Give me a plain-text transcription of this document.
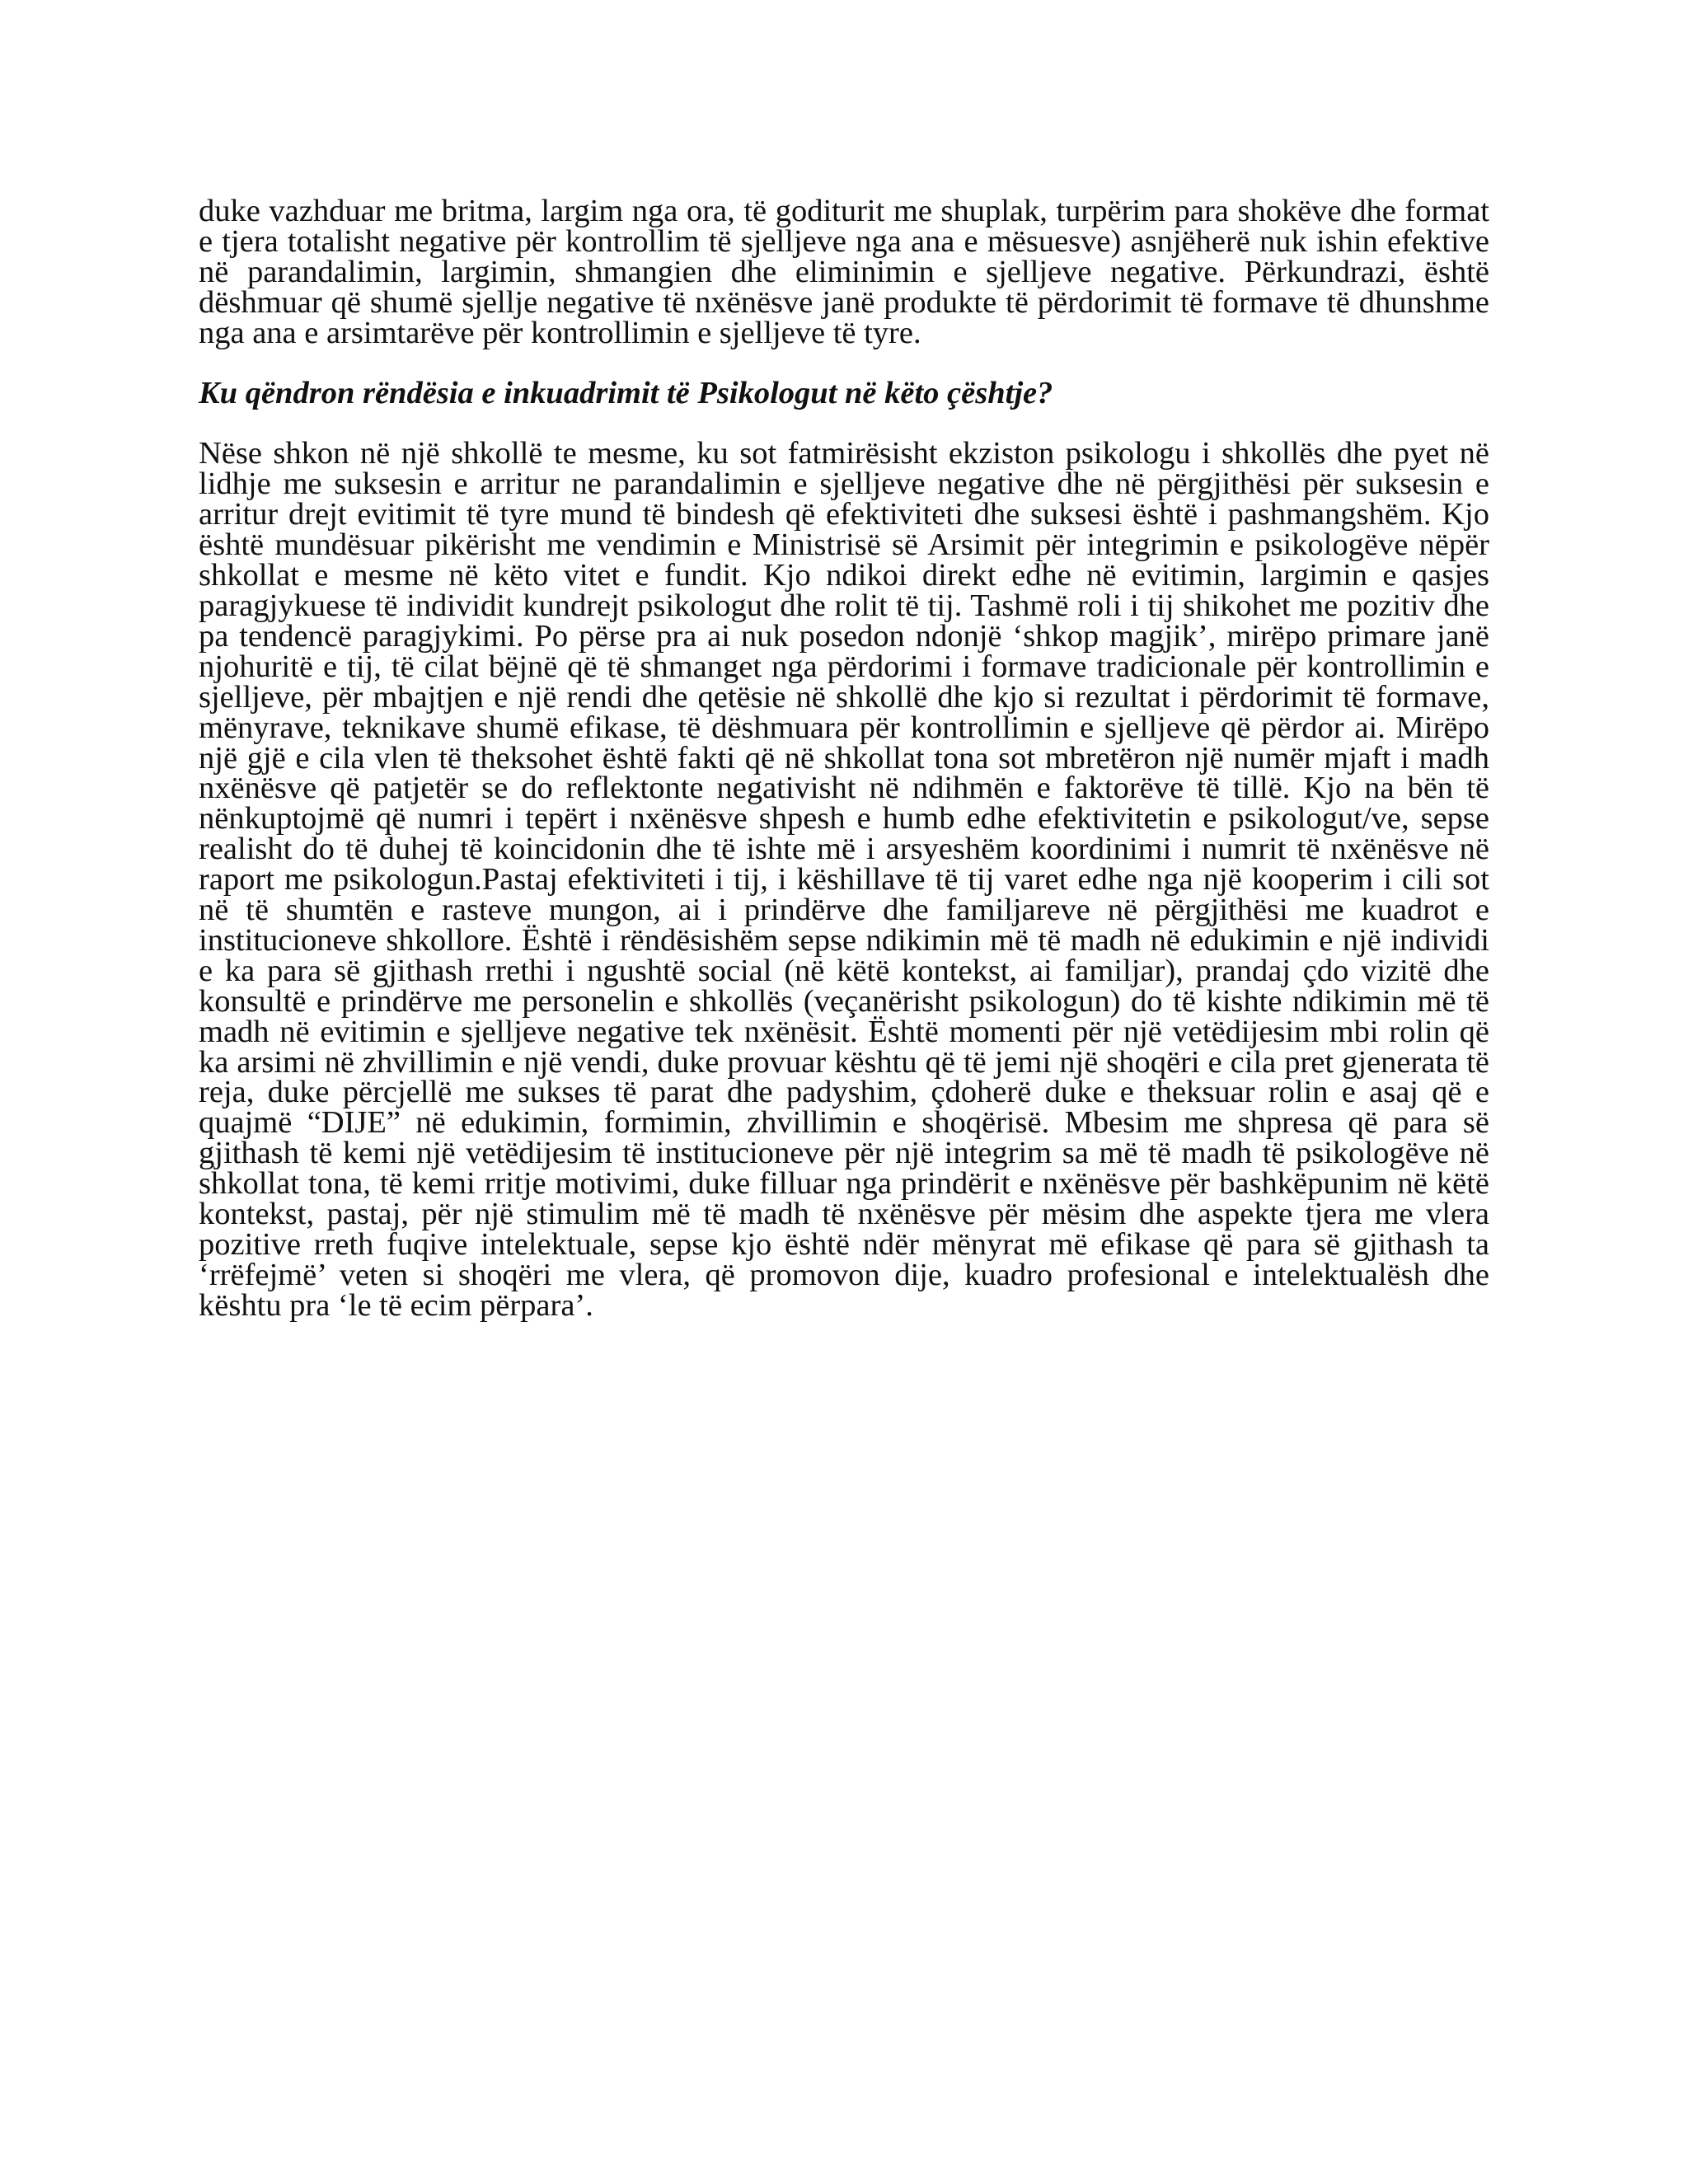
duke vazhduar me britma, largim nga ora, të goditurit me shuplak, turpërim para shokëve dhe format e tjera totalisht negative për kontrollim të sjelljeve nga ana e mësuesve) asnjëherë nuk ishin efektive në parandalimin, largimin, shmangien dhe eliminimin e sjelljeve negative. Përkundrazi, është dëshmuar që shumë sjellje negative të nxënësve janë produkte të përdorimit të formave të dhunshme nga ana e arsimtarëve për kontrollimin e sjelljeve të tyre.

Ku qëndron rëndësia e inkuadrimit të Psikologut në këto çështje?

Nëse shkon në një shkollë te mesme, ku sot fatmirësisht ekziston psikologu i shkollës dhe pyet në lidhje me suksesin e arritur ne parandalimin e sjelljeve negative dhe në përgjithësi për suksesin e arritur drejt evitimit të tyre mund të bindesh që efektiviteti dhe suksesi është i pashmangshëm. Kjo është mundësuar pikërisht me vendimin e Ministrisë së Arsimit për integrimin e psikologëve nëpër shkollat e mesme në këto vitet e fundit. Kjo ndikoi direkt edhe në evitimin, largimin e qasjes paragjykuese të individit kundrejt psikologut dhe rolit të tij. Tashmë roli i tij shikohet me pozitiv dhe pa tendencë paragjykimi. Po përse pra ai nuk posedon ndonjë ‘shkop magjik’, mirëpo primare janë njohuritë e tij, të cilat bëjnë që të shmanget nga përdorimi i formave tradicionale për kontrollimin e sjelljeve, për mbajtjen e një rendi dhe qetësie në shkollë dhe kjo si rezultat i përdorimit të formave, mënyrave, teknikave shumë efikase, të dëshmuara për kontrollimin e sjelljeve që përdor ai. Mirëpo një gjë e cila vlen të theksohet është fakti që në shkollat tona sot mbretëron një numër mjaft i madh nxënësve që patjetër se do reflektonte negativisht në ndihmën e faktorëve të tillë. Kjo na bën të nënkuptojmë që numri i tepërt i nxënësve shpesh e humb edhe efektivitetin e psikologut/ve, sepse realisht do të duhej të koincidonin dhe të ishte më i arsyeshëm koordinimi i numrit të nxënësve në raport me psikologun.Pastaj efektiviteti i tij, i këshillave të tij varet edhe nga një kooperim i cili sot në të shumtën e rasteve mungon, ai i prindërve dhe familjareve në përgjithësi me kuadrot e institucioneve shkollore. Është i rëndësishëm sepse ndikimin më të madh në edukimin e një individi e ka para së gjithash rrethi i ngushtë social (në këtë kontekst, ai familjar), prandaj çdo vizitë dhe konsultë e prindërve me personelin e shkollës (veçanërisht psikologun) do të kishte ndikimin më të madh në evitimin e sjelljeve negative tek nxënësit. Është momenti për një vetëdijesim mbi rolin që ka arsimi në zhvillimin e një vendi, duke provuar kështu që të jemi një shoqëri e cila pret gjenerata të reja, duke përcjellë me sukses të parat dhe padyshim, çdoherë duke e theksuar rolin e asaj që e quajmë “DIJE” në edukimin, formimin, zhvillimin e shoqërisë. Mbesim me shpresa që para së gjithash të kemi një vetëdijesim të institucioneve për një integrim sa më të madh të psikologëve në shkollat tona, të kemi rritje motivimi, duke filluar nga prindërit e nxënësve për bashkëpunim në këtë kontekst, pastaj, për një stimulim më të madh të nxënësve për mësim dhe aspekte tjera me vlera pozitive rreth fuqive intelektuale, sepse kjo është ndër mënyrat më efikase që para së gjithash ta ‘rrëfejmë’ veten si shoqëri me vlera, që promovon dije, kuadro profesional e intelektualësh dhe kështu pra ‘le të ecim përpara’.
